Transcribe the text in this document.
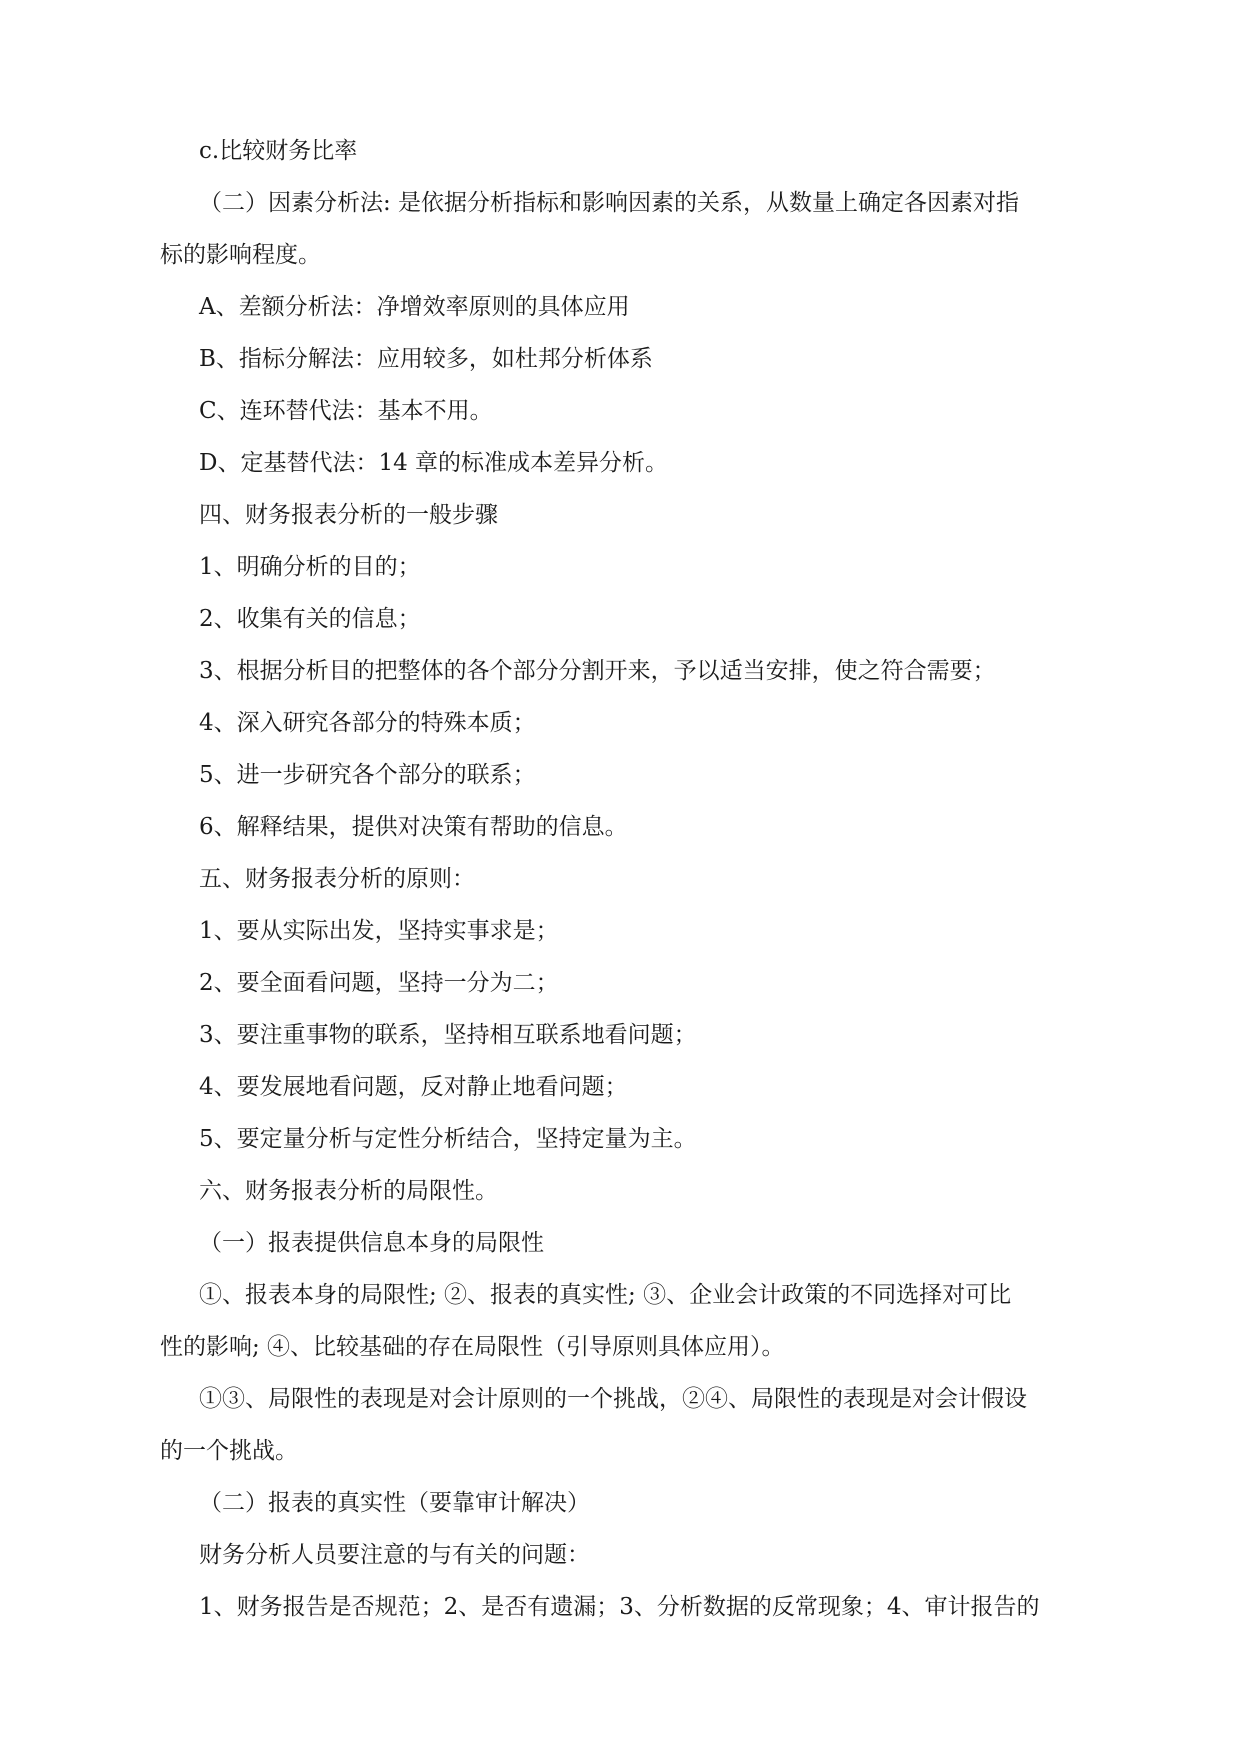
c.比较财务比率
（二）因素分析法: 是依据分析指标和影响因素的关系，从数量上确定各因素对指
标的影响程度。
A、差额分析法：净增效率原则的具体应用
B、指标分解法：应用较多，如杜邦分析体系
C、连环替代法：基本不用。
D、定基替代法：14 章的标准成本差异分析。
四、财务报表分析的一般步骤
1、明确分析的目的；
2、收集有关的信息；
3、根据分析目的把整体的各个部分分割开来，予以适当安排，使之符合需要；
4、深入研究各部分的特殊本质；
5、进一步研究各个部分的联系；
6、解释结果，提供对决策有帮助的信息。
五、财务报表分析的原则：
1、要从实际出发，坚持实事求是；
2、要全面看问题，坚持一分为二；
3、要注重事物的联系，坚持相互联系地看问题；
4、要发展地看问题，反对静止地看问题；
5、要定量分析与定性分析结合，坚持定量为主。
六、财务报表分析的局限性。
（一）报表提供信息本身的局限性
①、报表本身的局限性; ②、报表的真实性; ③、企业会计政策的不同选择对可比
性的影响; ④、比较基础的存在局限性（引导原则具体应用）。
①③、局限性的表现是对会计原则的一个挑战，②④、局限性的表现是对会计假设
的一个挑战。
（二）报表的真实性（要靠审计解决）
财务分析人员要注意的与有关的问题：
1、财务报告是否规范；2、是否有遗漏；3、分析数据的反常现象；4、审计报告的
